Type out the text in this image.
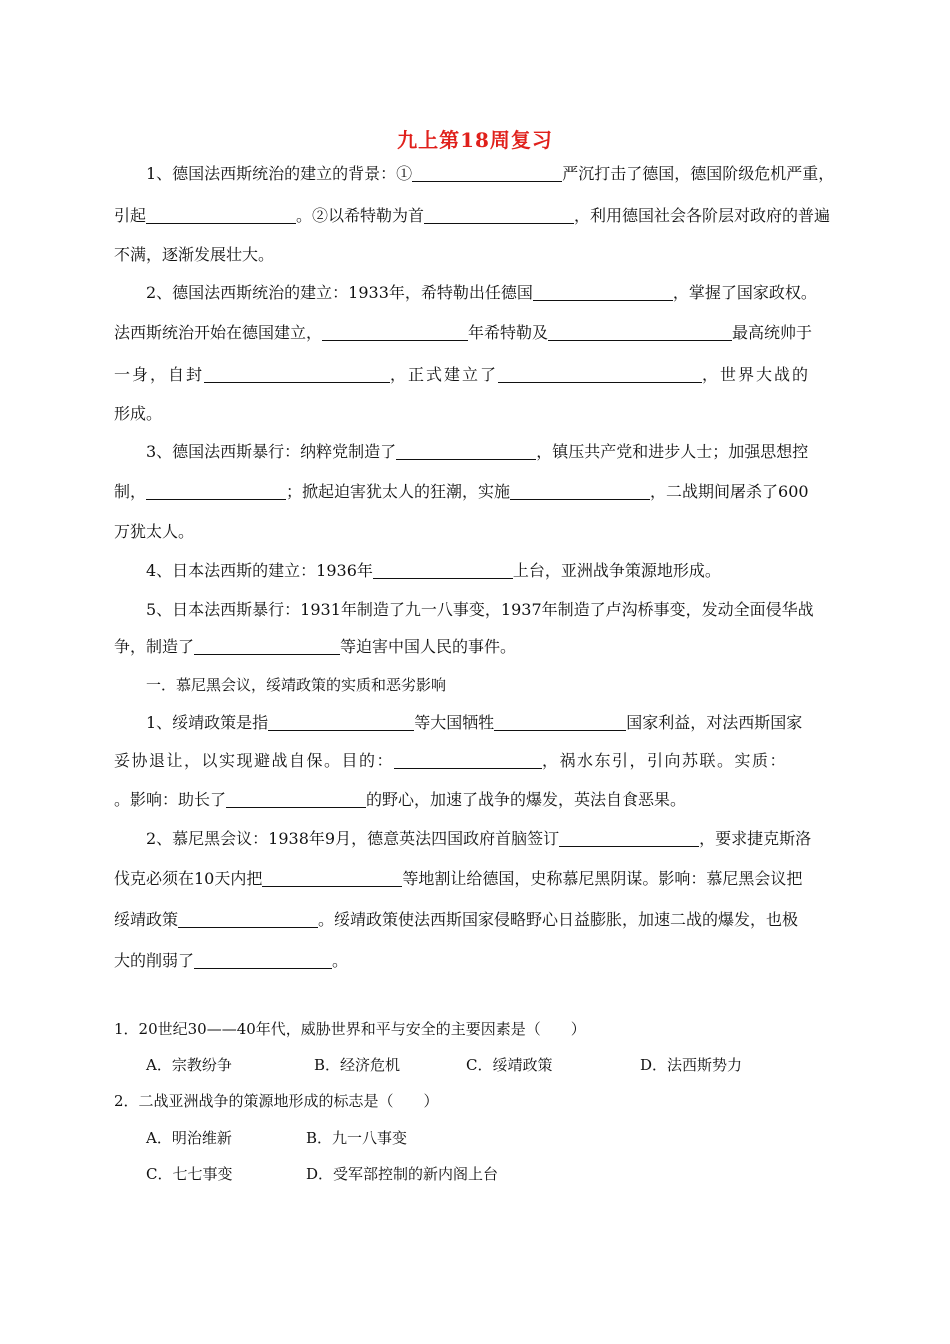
九上第18周复习
1、德国法西斯统治的建立的背景：①	严沉打击了德国，德国阶级危机严重，
引起	。②以希特勒为首	，利用德国社会各阶层对政府的普遍
不满，逐渐发展壮大。
2、德国法西斯统治的建立：1933年，希特勒出任德国	，掌握了国家政权。
法西斯统治开始在德国建立，	年希特勒及	最高统帅于
一身，自封	，正式建立了	，世界大战的
形成。
3、德国法西斯暴行：纳粹党制造了	，镇压共产党和进步人士；加强思想控
制，	；掀起迫害犹太人的狂潮，实施	，二战期间屠杀了600
万犹太人。
4、日本法西斯的建立：1936年	上台，亚洲战争策源地形成。
5、日本法西斯暴行：1931年制造了九一八事变，1937年制造了卢沟桥事变，发动全面侵华战
争，制造了	等迫害中国人民的事件。
一．慕尼黑会议，绥靖政策的实质和恶劣影响
1、绥靖政策是指	等大国牺牲	国家利益，对法西斯国家
妥协退让，以实现避战自保。目的：	，祸水东引，引向苏联。实质：
。影响：助长了	的野心，加速了战争的爆发，英法自食恶果。
2、慕尼黑会议：1938年9月，德意英法四国政府首脑签订	，要求捷克斯洛
伐克必须在10天内把	等地割让给德国，史称慕尼黑阴谋。影响：慕尼黑会议把
绥靖政策	。绥靖政策使法西斯国家侵略野心日益膨胀，加速二战的爆发，也极
大的削弱了	。
1．20世纪30——40年代，威胁世界和平与安全的主要因素是（　　）
A．宗教纷争	B．经济危机	C．绥靖政策	D．法西斯势力
2．二战亚洲战争的策源地形成的标志是（　　）
A．明治维新	B．九一八事变
C．七七事变	D．受军部控制的新内阁上台
